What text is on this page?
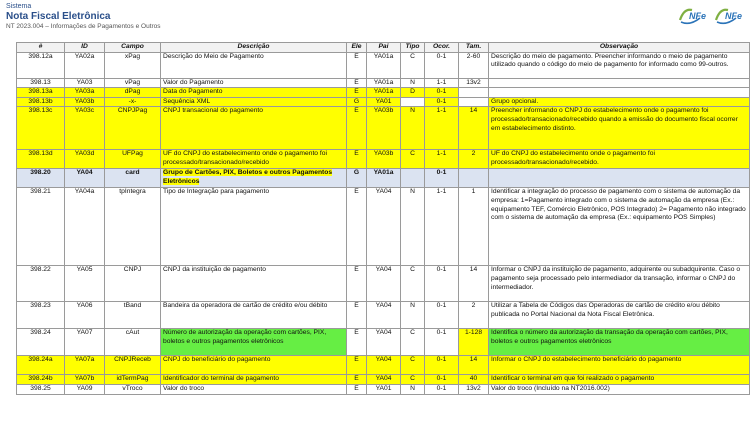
Sistema
Nota Fiscal Eletrônica
NT 2023.004 – Informações de Pagamentos e Outros
NFe NFe
#	ID	Campo	Descrição	Ele	Pai	Tipo	Ocor.	Tam.	Observação
398.12a	YA02a	xPag	Descrição do Meio de Pagamento	E	YA01a	C	0-1	2-60	Descrição do meio de pagamento. Preencher informando o meio de pagamento utilizado quando o código do meio de pagamento for informado como 99-outros.
398.13	YA03	vPag	Valor do Pagamento	E	YA01a	N	1-1	13v2	
398.13a	YA03a	dPag	Data do Pagamento	E	YA01a	D	0-1		
398.13b	YA03b	-x-	Sequência XML	G	YA01		0-1		Grupo opcional.
398.13c	YA03c	CNPJPag	CNPJ transacional do pagamento	E	YA03b	N	1-1	14	Preencher informando o CNPJ do estabelecimento onde o pagamento foi processado/transacionado/recebido quando a emissão do documento fiscal ocorrer em estabelecimento distinto.
398.13d	YA03d	UFPag	UF do CNPJ do estabelecimento onde o pagamento foi processado/transacionado/recebido	E	YA03b	C	1-1	2	UF do CNPJ do estabelecimento onde o pagamento foi processado/transacionado/recebido.
398.20	YA04	card	Grupo de Cartões, PIX, Boletos e outros Pagamentos Eletrônicos	G	YA01a		0-1		
398.21	YA04a	tpIntegra	Tipo de Integração para pagamento	E	YA04	N	1-1	1	Identificar a integração do processo de pagamento com o sistema de automação da empresa: 1=Pagamento integrado com o sistema de automação da empresa (Ex.: equipamento TEF, Comércio Eletrônico, POS Integrado) 2= Pagamento não integrado com o sistema de automação da empresa (Ex.: equipamento POS Simples)
398.22	YA05	CNPJ	CNPJ da instituição de pagamento	E	YA04	C	0-1	14	Informar o CNPJ da instituição de pagamento, adquirente ou subadquirente. Caso o pagamento seja processado pelo intermediador da transação, informar o CNPJ do intermediador.
398.23	YA06	tBand	Bandeira da operadora de cartão de crédito e/ou débito	E	YA04	N	0-1	2	Utilizar a Tabela de Códigos das Operadoras de cartão de crédito e/ou débito publicada no Portal Nacional da Nota Fiscal Eletrônica.
398.24	YA07	cAut	Número de autorização da operação com cartões, PIX, boletos e outros pagamentos eletrônicos	E	YA04	C	0-1	1-128	Identifica o número da autorização da transação da operação com cartões, PIX, boletos e outros pagamentos eletrônicos
398.24a	YA07a	CNPJReceb	CNPJ do beneficiário do pagamento	E	YA04	C	0-1	14	Informar o CNPJ do estabelecimento beneficiário do pagamento
398.24b	YA07b	idTermPag	Identificador do terminal de pagamento	E	YA04	C	0-1	40	Identificar o terminal em que foi realizado o pagamento
398.25	YA09	vTroco	Valor do troco	E	YA01	N	0-1	13v2	Valor do troco (Incluído na NT2016.002)
